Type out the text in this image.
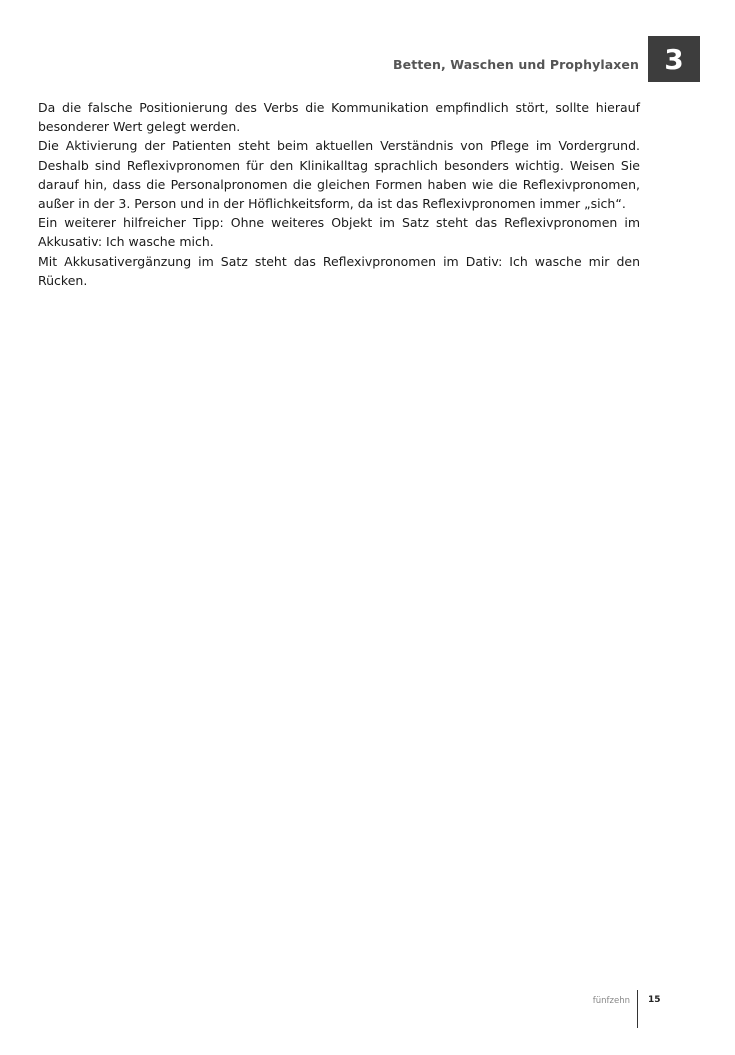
Betten, Waschen und Prophylaxen 3

Da die falsche Positionierung des Verbs die Kommunikation empfindlich stört, sollte hierauf besonderer Wert gelegt werden.

Die Aktivierung der Patienten steht beim aktuellen Verständnis von Pflege im Vordergrund. Deshalb sind Reflexivpronomen für den Klinikalltag sprachlich besonders wichtig. Weisen Sie darauf hin, dass die Personalpronomen die gleichen Formen haben wie die Reflexivpronomen, außer in der 3. Person und in der Höflichkeitsform, da ist das Reflexivpronomen immer „sich“.

Ein weiterer hilfreicher Tipp: Ohne weiteres Objekt im Satz steht das Reflexivpronomen im Akkusativ: Ich wasche mich.

Mit Akkusativergänzung im Satz steht das Reflexivpronomen im Dativ: Ich wasche mir den Rücken.

fünfzehn 15
